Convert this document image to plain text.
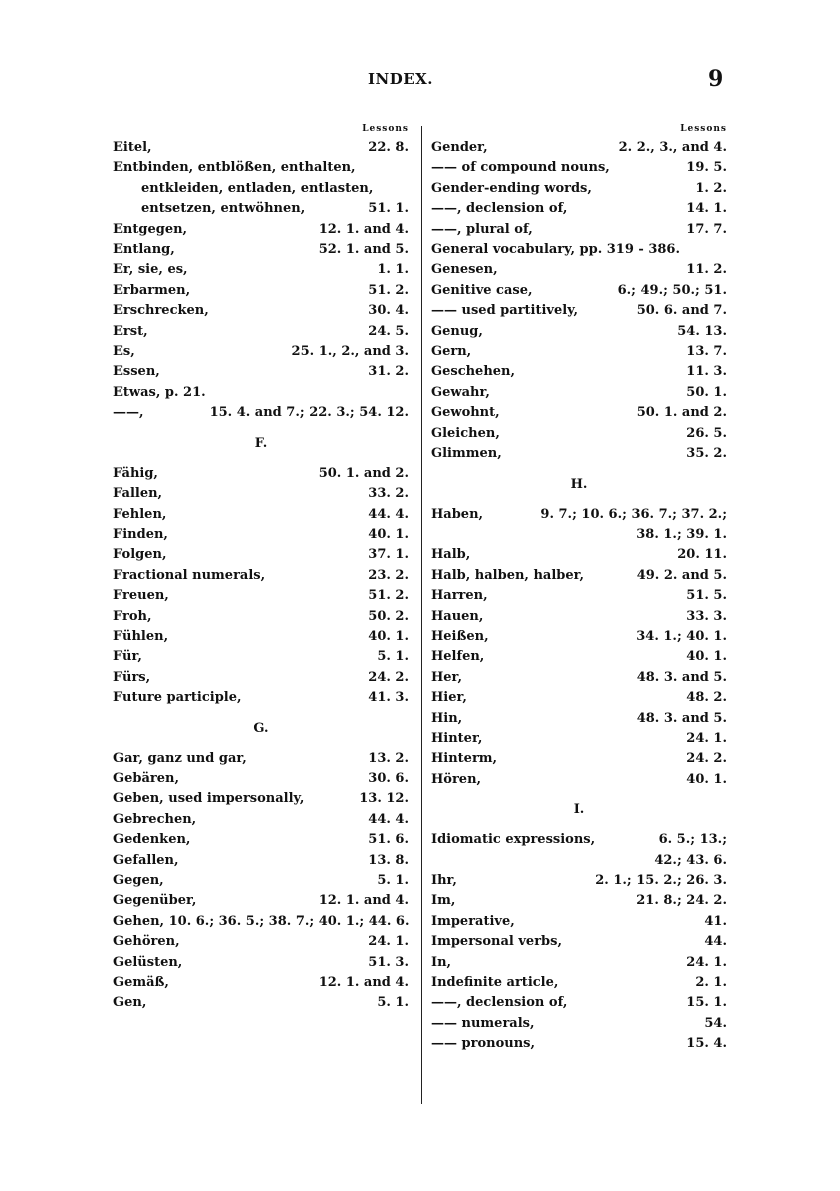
INDEX.	9
Lessons
Eitel,	22. 8.
Entbinden, entblößen, enthalten,
entkleiden, entladen, entlasten,
entsetzen, entwöhnen,	51. 1.
Entgegen,	12. 1. and 4.
Entlang,	52. 1. and 5.
Er, sie, es,	1. 1.
Erbarmen,	51. 2.
Erschrecken,	30. 4.
Erst,	24. 5.
Es,	25. 1., 2., and 3.
Essen,	31. 2.
Etwas, p. 21.
——,	15. 4. and 7.; 22. 3.; 54. 12.
F.
Fähig,	50. 1. and 2.
Fallen,	33. 2.
Fehlen,	44. 4.
Finden,	40. 1.
Folgen,	37. 1.
Fractional numerals,	23. 2.
Freuen,	51. 2.
Froh,	50. 2.
Fühlen,	40. 1.
Für,	5. 1.
Fürs,	24. 2.
Future participle,	41. 3.
G.
Gar, ganz und gar,	13. 2.
Gebären,	30. 6.
Geben, used impersonally,	13. 12.
Gebrechen,	44. 4.
Gedenken,	51. 6.
Gefallen,	13. 8.
Gegen,	5. 1.
Gegenüber,	12. 1. and 4.
Gehen, 10. 6.; 36. 5.; 38. 7.; 40. 1.; 44. 6.
Gehören,	24. 1.
Gelüsten,	51. 3.
Gemäß,	12. 1. and 4.
Gen,	5. 1.
Lessons
Gender,	2. 2., 3., and 4.
—— of compound nouns,	19. 5.
Gender-ending words,	1. 2.
——, declension of,	14. 1.
——, plural of,	17. 7.
General vocabulary, pp. 319 - 386.
Genesen,	11. 2.
Genitive case,	6.; 49.; 50.; 51.
—— used partitively,	50. 6. and 7.
Genug,	54. 13.
Gern,	13. 7.
Geschehen,	11. 3.
Gewahr,	50. 1.
Gewohnt,	50. 1. and 2.
Gleichen,	26. 5.
Glimmen,	35. 2.
H.
Haben,	9. 7.; 10. 6.; 36. 7.; 37. 2.;

38. 1.; 39. 1.
Halb,	20. 11.
Halb, halben, halber,	49. 2. and 5.
Harren,	51. 5.
Hauen,	33. 3.
Heißen,	34. 1.; 40. 1.
Helfen,	40. 1.
Her,	48. 3. and 5.
Hier,	48. 2.
Hin,	48. 3. and 5.
Hinter,	24. 1.
Hinterm,	24. 2.
Hören,	40. 1.
I.
Idiomatic expressions,	6. 5.; 13.;

42.; 43. 6.
Ihr,	2. 1.; 15. 2.; 26. 3.
Im,	21. 8.; 24. 2.
Imperative,	41.
Impersonal verbs,	44.
In,	24. 1.
Indefinite article,	2. 1.
——, declension of,	15. 1.
—— numerals,	54.
—— pronouns,	15. 4.
